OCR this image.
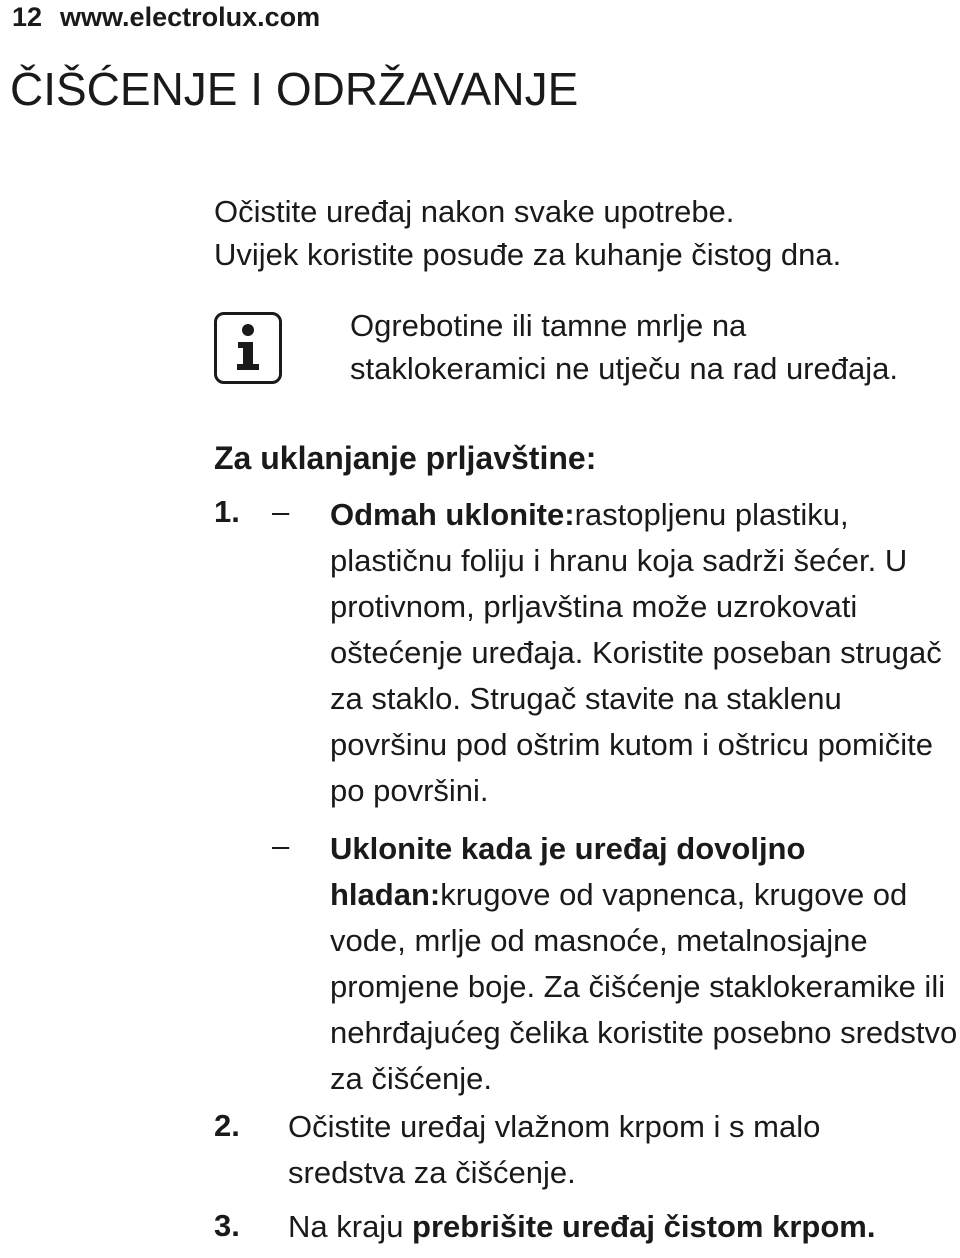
12 www.electrolux.com
ČIŠĆENJE I ODRŽAVANJE
Očistite uređaj nakon svake upotrebe.
Uvijek koristite posuđe za kuhanje čistog dna.
Ogrebotine ili tamne mrlje na
staklokeramici ne utječu na rad uređaja.
Za uklanjanje prljavštine:
1. – Odmah uklonite:rastopljenu plastiku, plastičnu foliju i hranu koja sadrži šećer. U protivnom, prljavština može uzrokovati oštećenje uređaja. Koristite poseban strugač za staklo. Strugač stavite na staklenu površinu pod oštrim kutom i oštricu pomičite po površini.
– Uklonite kada je uređaj dovoljno hladan:krugove od vapnenca, krugove od vode, mrlje od masnoće, metalnosjajne promjene boje. Za čišćenje staklokeramike ili nehrđajućeg čelika koristite posebno sredstvo za čišćenje.
2. Očistite uređaj vlažnom krpom i s malo sredstva za čišćenje.
3. Na kraju prebrišite uređaj čistom krpom.
